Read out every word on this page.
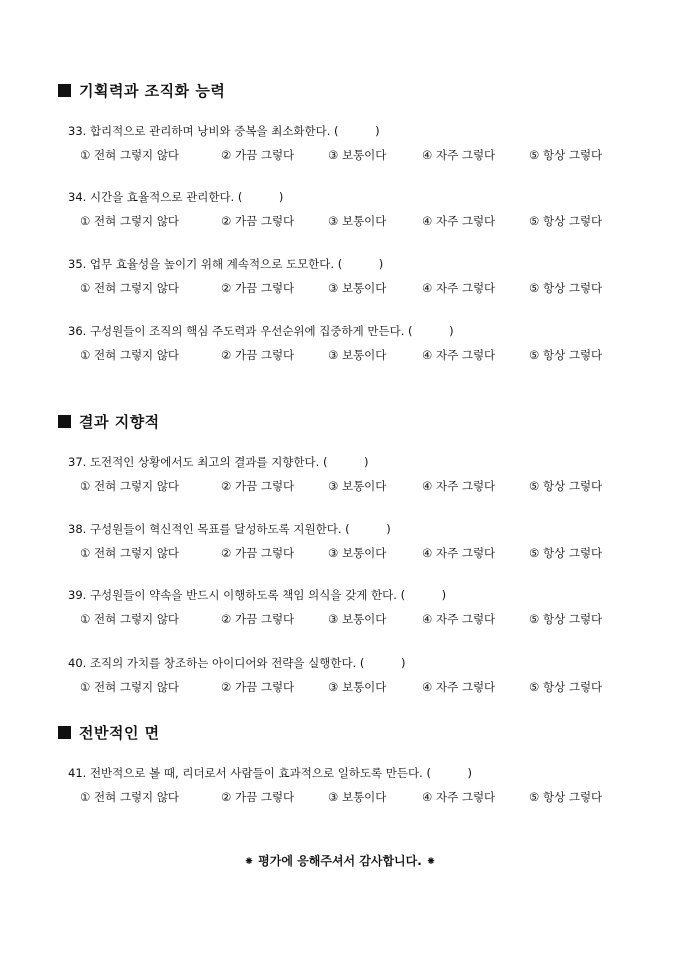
기획력과 조직화 능력
33. 합리적으로 관리하며 낭비와 중복을 최소화한다. (          )
① 전혀 그렇지 않다	② 가끔 그렇다	③ 보통이다	④ 자주 그렇다	⑤ 항상 그렇다
34. 시간을 효율적으로 관리한다. (          )
① 전혀 그렇지 않다	② 가끔 그렇다	③ 보통이다	④ 자주 그렇다	⑤ 항상 그렇다
35. 업무 효율성을 높이기 위해 계속적으로 도모한다. (          )
① 전혀 그렇지 않다	② 가끔 그렇다	③ 보통이다	④ 자주 그렇다	⑤ 항상 그렇다
36. 구성원들이 조직의 핵심 주도력과 우선순위에 집중하게 만든다. (          )
① 전혀 그렇지 않다	② 가끔 그렇다	③ 보통이다	④ 자주 그렇다	⑤ 항상 그렇다
결과 지향적
37. 도전적인 상황에서도 최고의 결과를 지향한다. (          )
① 전혀 그렇지 않다	② 가끔 그렇다	③ 보통이다	④ 자주 그렇다	⑤ 항상 그렇다
38. 구성원들이 혁신적인 목표를 달성하도록 지원한다. (          )
① 전혀 그렇지 않다	② 가끔 그렇다	③ 보통이다	④ 자주 그렇다	⑤ 항상 그렇다
39. 구성원들이 약속을 반드시 이행하도록 책임 의식을 갖게 한다. (          )
① 전혀 그렇지 않다	② 가끔 그렇다	③ 보통이다	④ 자주 그렇다	⑤ 항상 그렇다
40. 조직의 가치를 창조하는 아이디어와 전략을 실행한다. (          )
① 전혀 그렇지 않다	② 가끔 그렇다	③ 보통이다	④ 자주 그렇다	⑤ 항상 그렇다
전반적인 면
41. 전반적으로 볼 때, 리더로서 사람들이 효과적으로 일하도록 만든다. (          )
① 전혀 그렇지 않다	② 가끔 그렇다	③ 보통이다	④ 자주 그렇다	⑤ 항상 그렇다
⁕ 평가에 응해주셔서 감사합니다. ⁕
